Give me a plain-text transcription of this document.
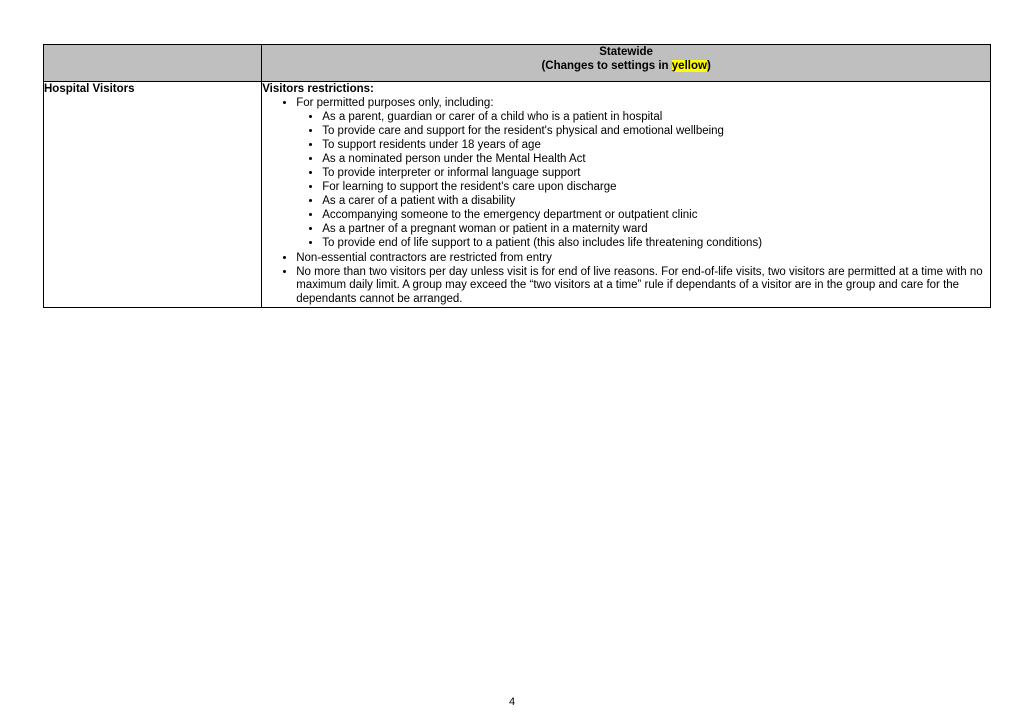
	Statewide
(Changes to settings in yellow)

Hospital Visitors	Visitors restrictions:

• For permitted purposes only, including:
• As a parent, guardian or carer of a child who is a patient in hospital
• To provide care and support for the resident's physical and emotional wellbeing
• To support residents under 18 years of age
• As a nominated person under the Mental Health Act
• To provide interpreter or informal language support
• For learning to support the resident's care upon discharge
• As a carer of a patient with a disability
• Accompanying someone to the emergency department or outpatient clinic
• As a partner of a pregnant woman or patient in a maternity ward
• To provide end of life support to a patient (this also includes life threatening conditions)
• Non-essential contractors are restricted from entry
• No more than two visitors per day unless visit is for end of live reasons. For end-of-life visits, two visitors are permitted at a time with no maximum daily limit. A group may exceed the “two visitors at a time” rule if dependants of a visitor are in the group and care for the dependants cannot be arranged.
4
